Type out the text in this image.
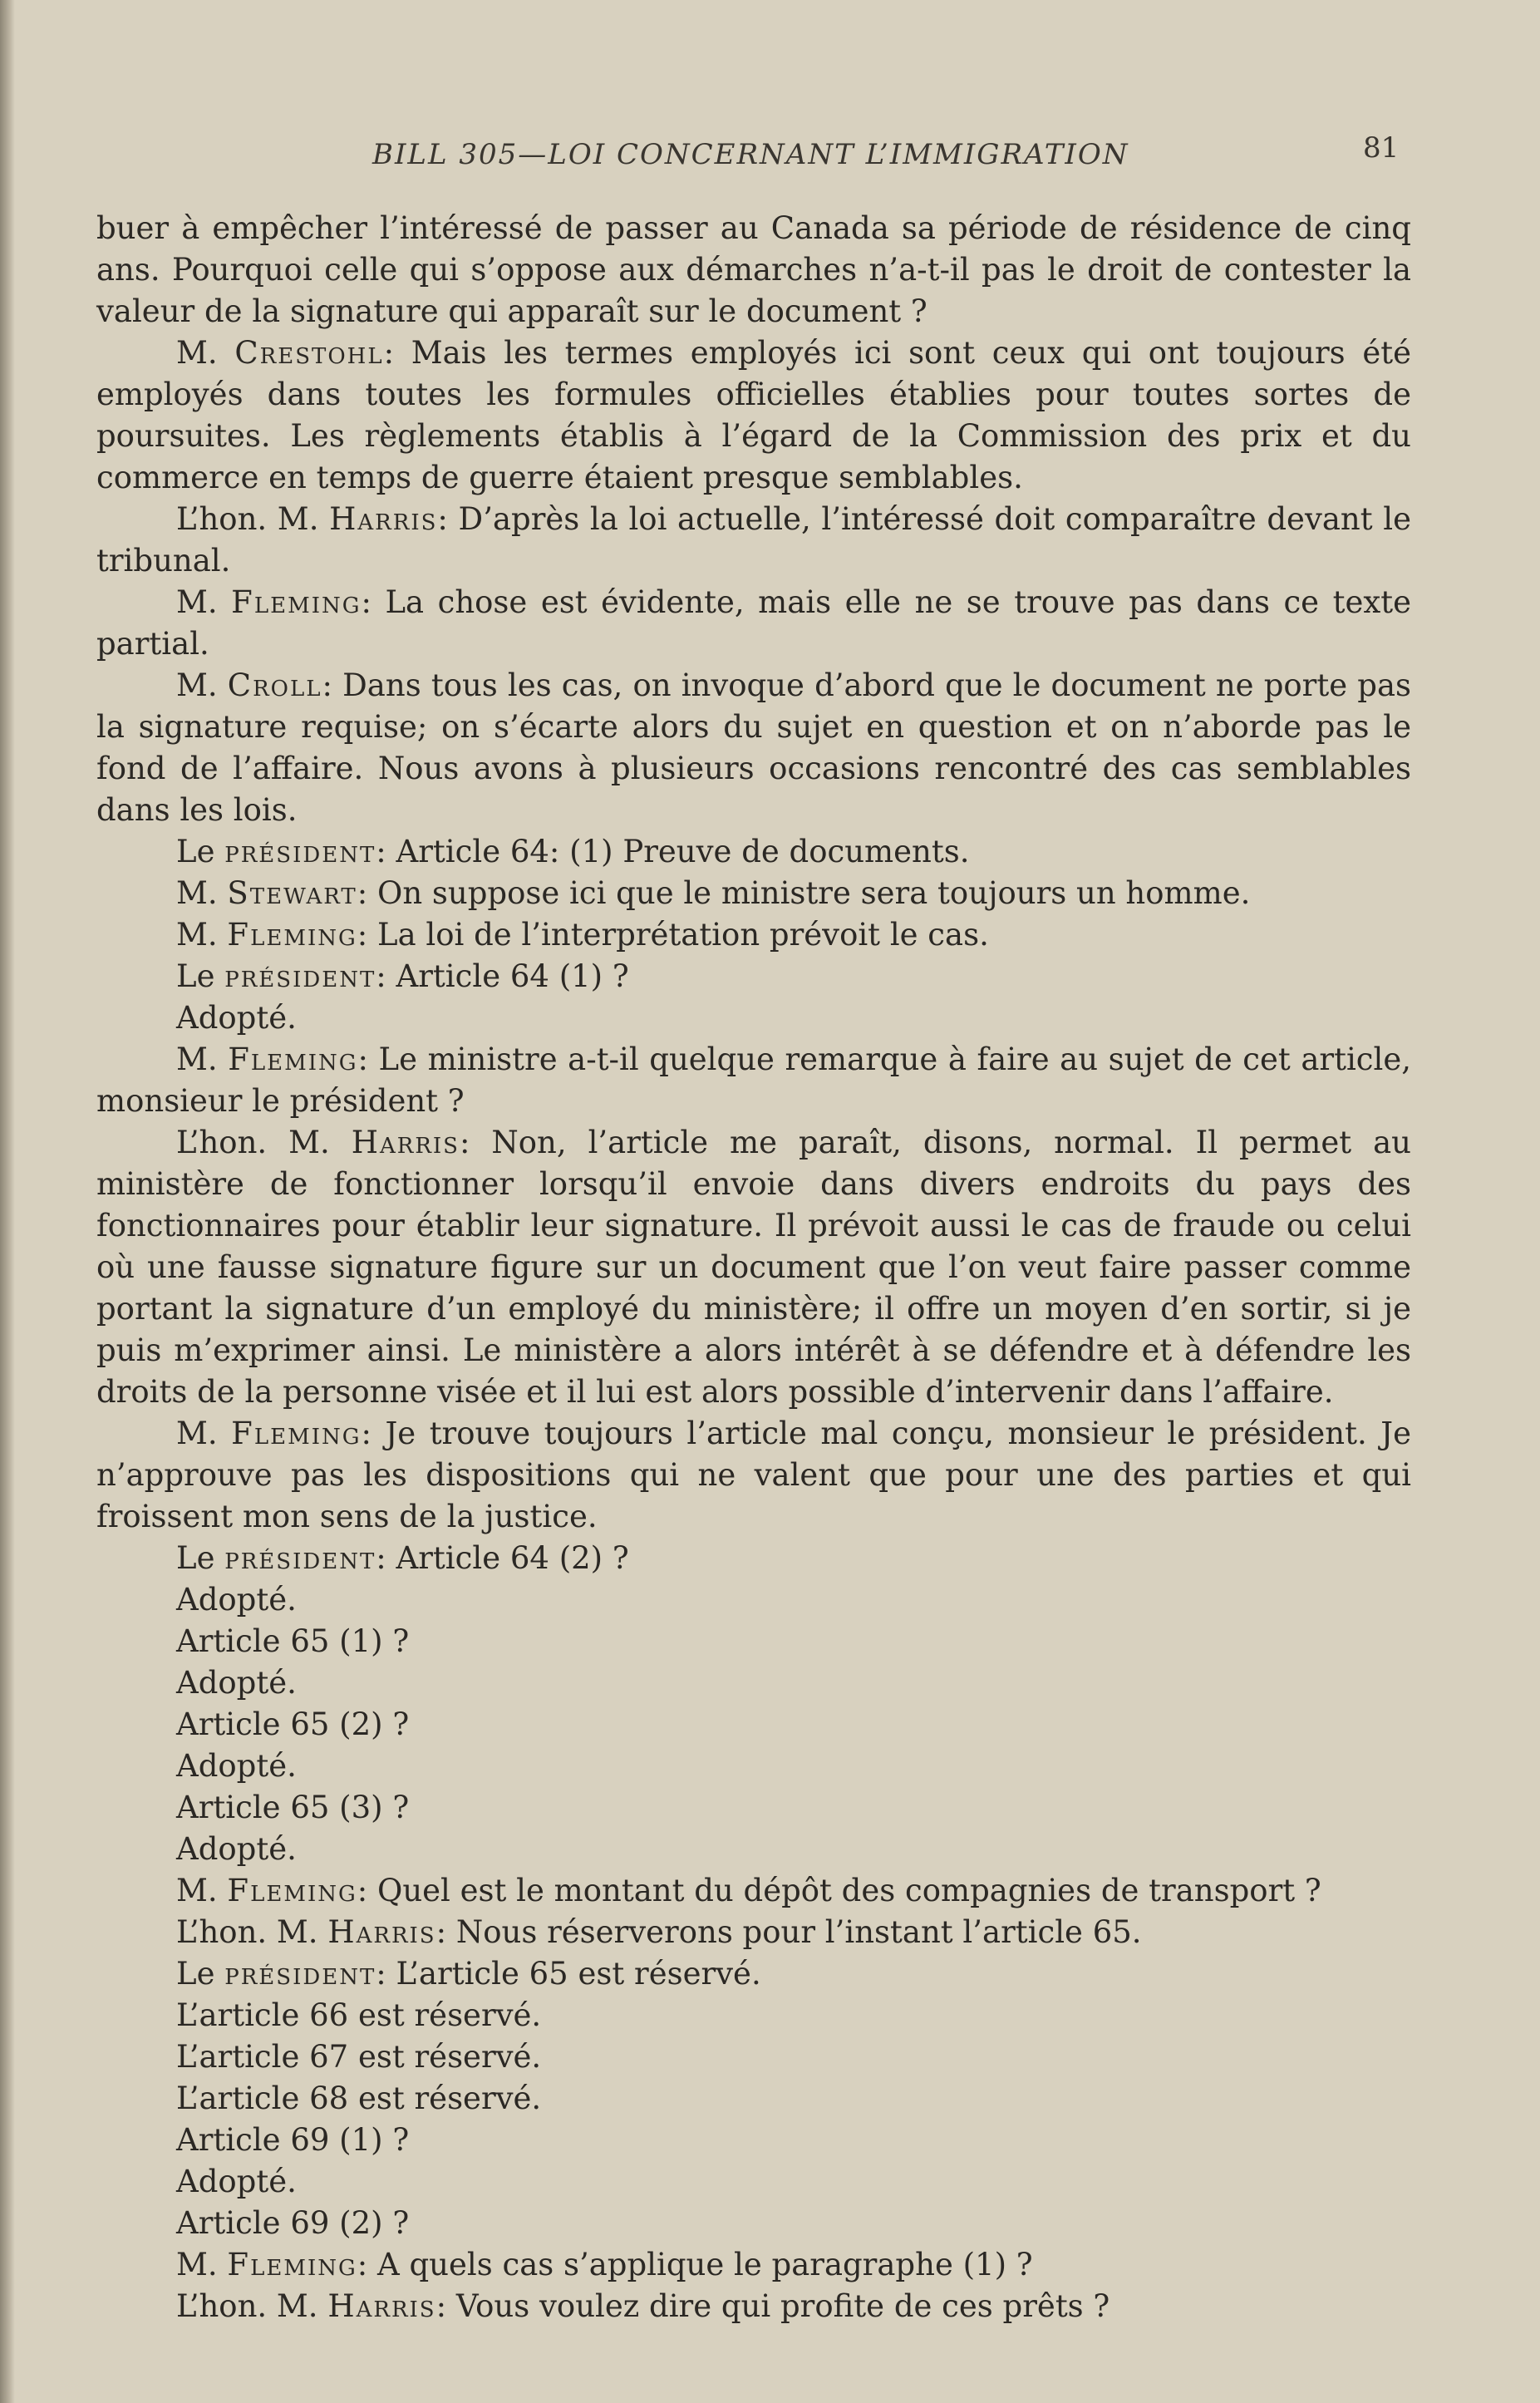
BILL 305—LOI CONCERNANT L’IMMIGRATION	81

buer à empêcher l’intéressé de passer au Canada sa période de résidence de cinq ans. Pourquoi celle qui s’oppose aux démarches n’a-t-il pas le droit de contester la valeur de la signature qui apparaît sur le document ?

M. Crestohl: Mais les termes employés ici sont ceux qui ont toujours été employés dans toutes les formules officielles établies pour toutes sortes de poursuites. Les règlements établis à l’égard de la Commission des prix et du commerce en temps de guerre étaient presque semblables.

L’hon. M. Harris: D’après la loi actuelle, l’intéressé doit comparaître devant le tribunal.

M. Fleming: La chose est évidente, mais elle ne se trouve pas dans ce texte partial.

M. Croll: Dans tous les cas, on invoque d’abord que le document ne porte pas la signature requise; on s’écarte alors du sujet en question et on n’aborde pas le fond de l’affaire. Nous avons à plusieurs occasions rencontré des cas semblables dans les lois.

Le président: Article 64: (1) Preuve de documents.

M. Stewart: On suppose ici que le ministre sera toujours un homme.

M. Fleming: La loi de l’interprétation prévoit le cas.

Le président: Article 64 (1) ?

Adopté.

M. Fleming: Le ministre a-t-il quelque remarque à faire au sujet de cet article, monsieur le président ?

L’hon. M. Harris: Non, l’article me paraît, disons, normal. Il permet au ministère de fonctionner lorsqu’il envoie dans divers endroits du pays des fonctionnaires pour établir leur signature. Il prévoit aussi le cas de fraude ou celui où une fausse signature figure sur un document que l’on veut faire passer comme portant la signature d’un employé du ministère; il offre un moyen d’en sortir, si je puis m’exprimer ainsi. Le ministère a alors intérêt à se défendre et à défendre les droits de la personne visée et il lui est alors possible d’intervenir dans l’affaire.

M. Fleming: Je trouve toujours l’article mal conçu, monsieur le président. Je n’approuve pas les dispositions qui ne valent que pour une des parties et qui froissent mon sens de la justice.

Le président: Article 64 (2) ?

Adopté.

Article 65 (1) ?

Adopté.

Article 65 (2) ?

Adopté.

Article 65 (3) ?

Adopté.

M. Fleming: Quel est le montant du dépôt des compagnies de transport ?

L’hon. M. Harris: Nous réserverons pour l’instant l’article 65.

Le président: L’article 65 est réservé.

L’article 66 est réservé.

L’article 67 est réservé.

L’article 68 est réservé.

Article 69 (1) ?

Adopté.

Article 69 (2) ?

M. Fleming: A quels cas s’applique le paragraphe (1) ?

L’hon. M. Harris: Vous voulez dire qui profite de ces prêts ?
